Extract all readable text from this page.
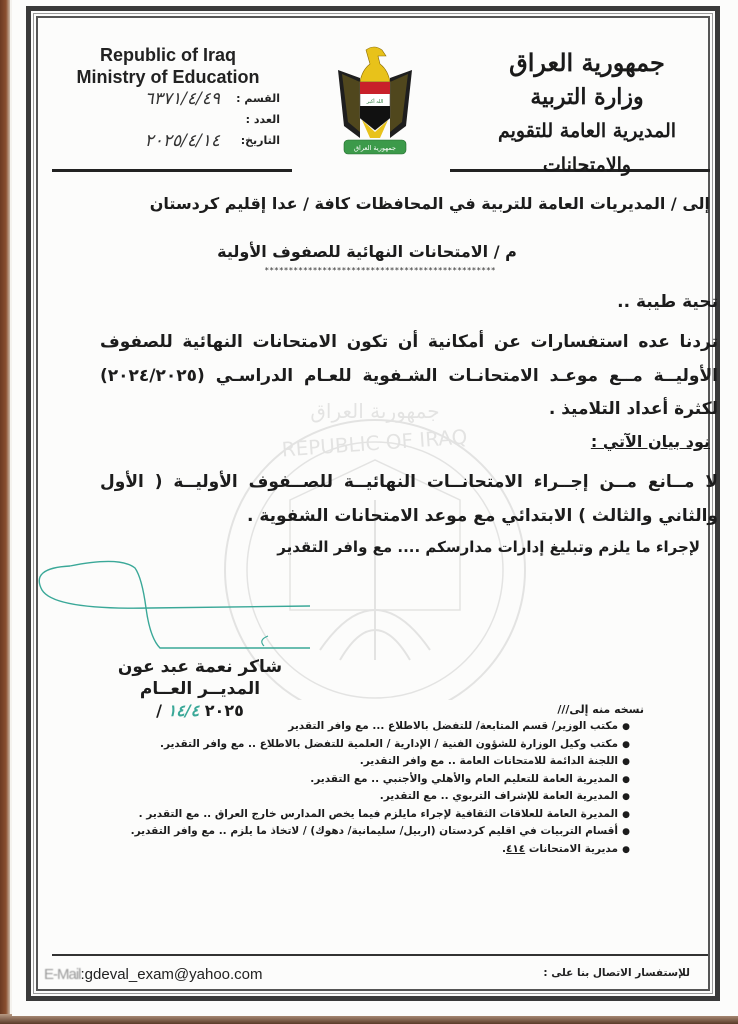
جمهورية العراق
REPUBLIC OF IRAQ
Republic of Iraq
Ministry of Education
القسم :
٦٣٧١/٤/٤٩
العدد :
التاريخ:
٢٠٢٥/٤/١٤
الله أكبر
جمهورية العراق
جمهورية العراق
وزارة التربية
المديرية العامة للتقويم والامتحانات
إلى / المديريات العامة للتربية في المحافظات كافة / عدا إقليم كردستان
م / الامتحانات النهائية للصفوف الأولية
************************************************
تحية طيبة ..
تردنا عده استفسارات عن أمكانية أن تكون الامتحانات النهائية للصفوف الأوليــة مــع موعـد الامتحانـات الشـفوية للعـام الدراسـي (٢٠٢٤/٢٠٢٥) لكثرة أعداد التلاميذ .
نود بيان الآتي :
لا مــانع مــن إجــراء الامتحانــات النهائيــة للصــفوف الأوليــة ( الأول والثاني والثالث ) الابتدائي مع موعد الامتحانات الشفوية .
لإجراء ما يلزم وتبليغ إدارات مدارسكم .... مع وافر التقدير
شاكر نعمة عبد عون
المديــر العــام
/ ٢٠٢٥ ١٤/٤	نسخه منه إلى///
●مكتب الوزير/ قسم المتابعة/ للتفضل بالاطلاع ... مع وافر التقدير
●مكتب وكيل الوزارة للشؤون الفنية / الإدارية / العلمية للتفضل بالاطلاع .. مع وافر التقدير.
●اللجنة الدائمة للامتحانات العامة .. مع وافر التقدير.
●المديرية العامة للتعليم العام والأهلي والأجنبي .. مع التقدير.
●المديرية العامة للإشراف التربوي .. مع التقدير.
●المديرة العامة للعلاقات الثقافية لإجراء مايلزم فيما يخص المدارس خارج العراق .. مع التقدير .
●أقسام التربيات في اقليم كردستان (اربيل/ سليمانية/ دهوك) / لاتخاذ ما يلزم .. مع وافر التقدير.
●مديرية الامتحانات ٤١٤.
E-Mail:gdeval_exam@yahoo.com	للإستفسار الاتصال بنا على :
